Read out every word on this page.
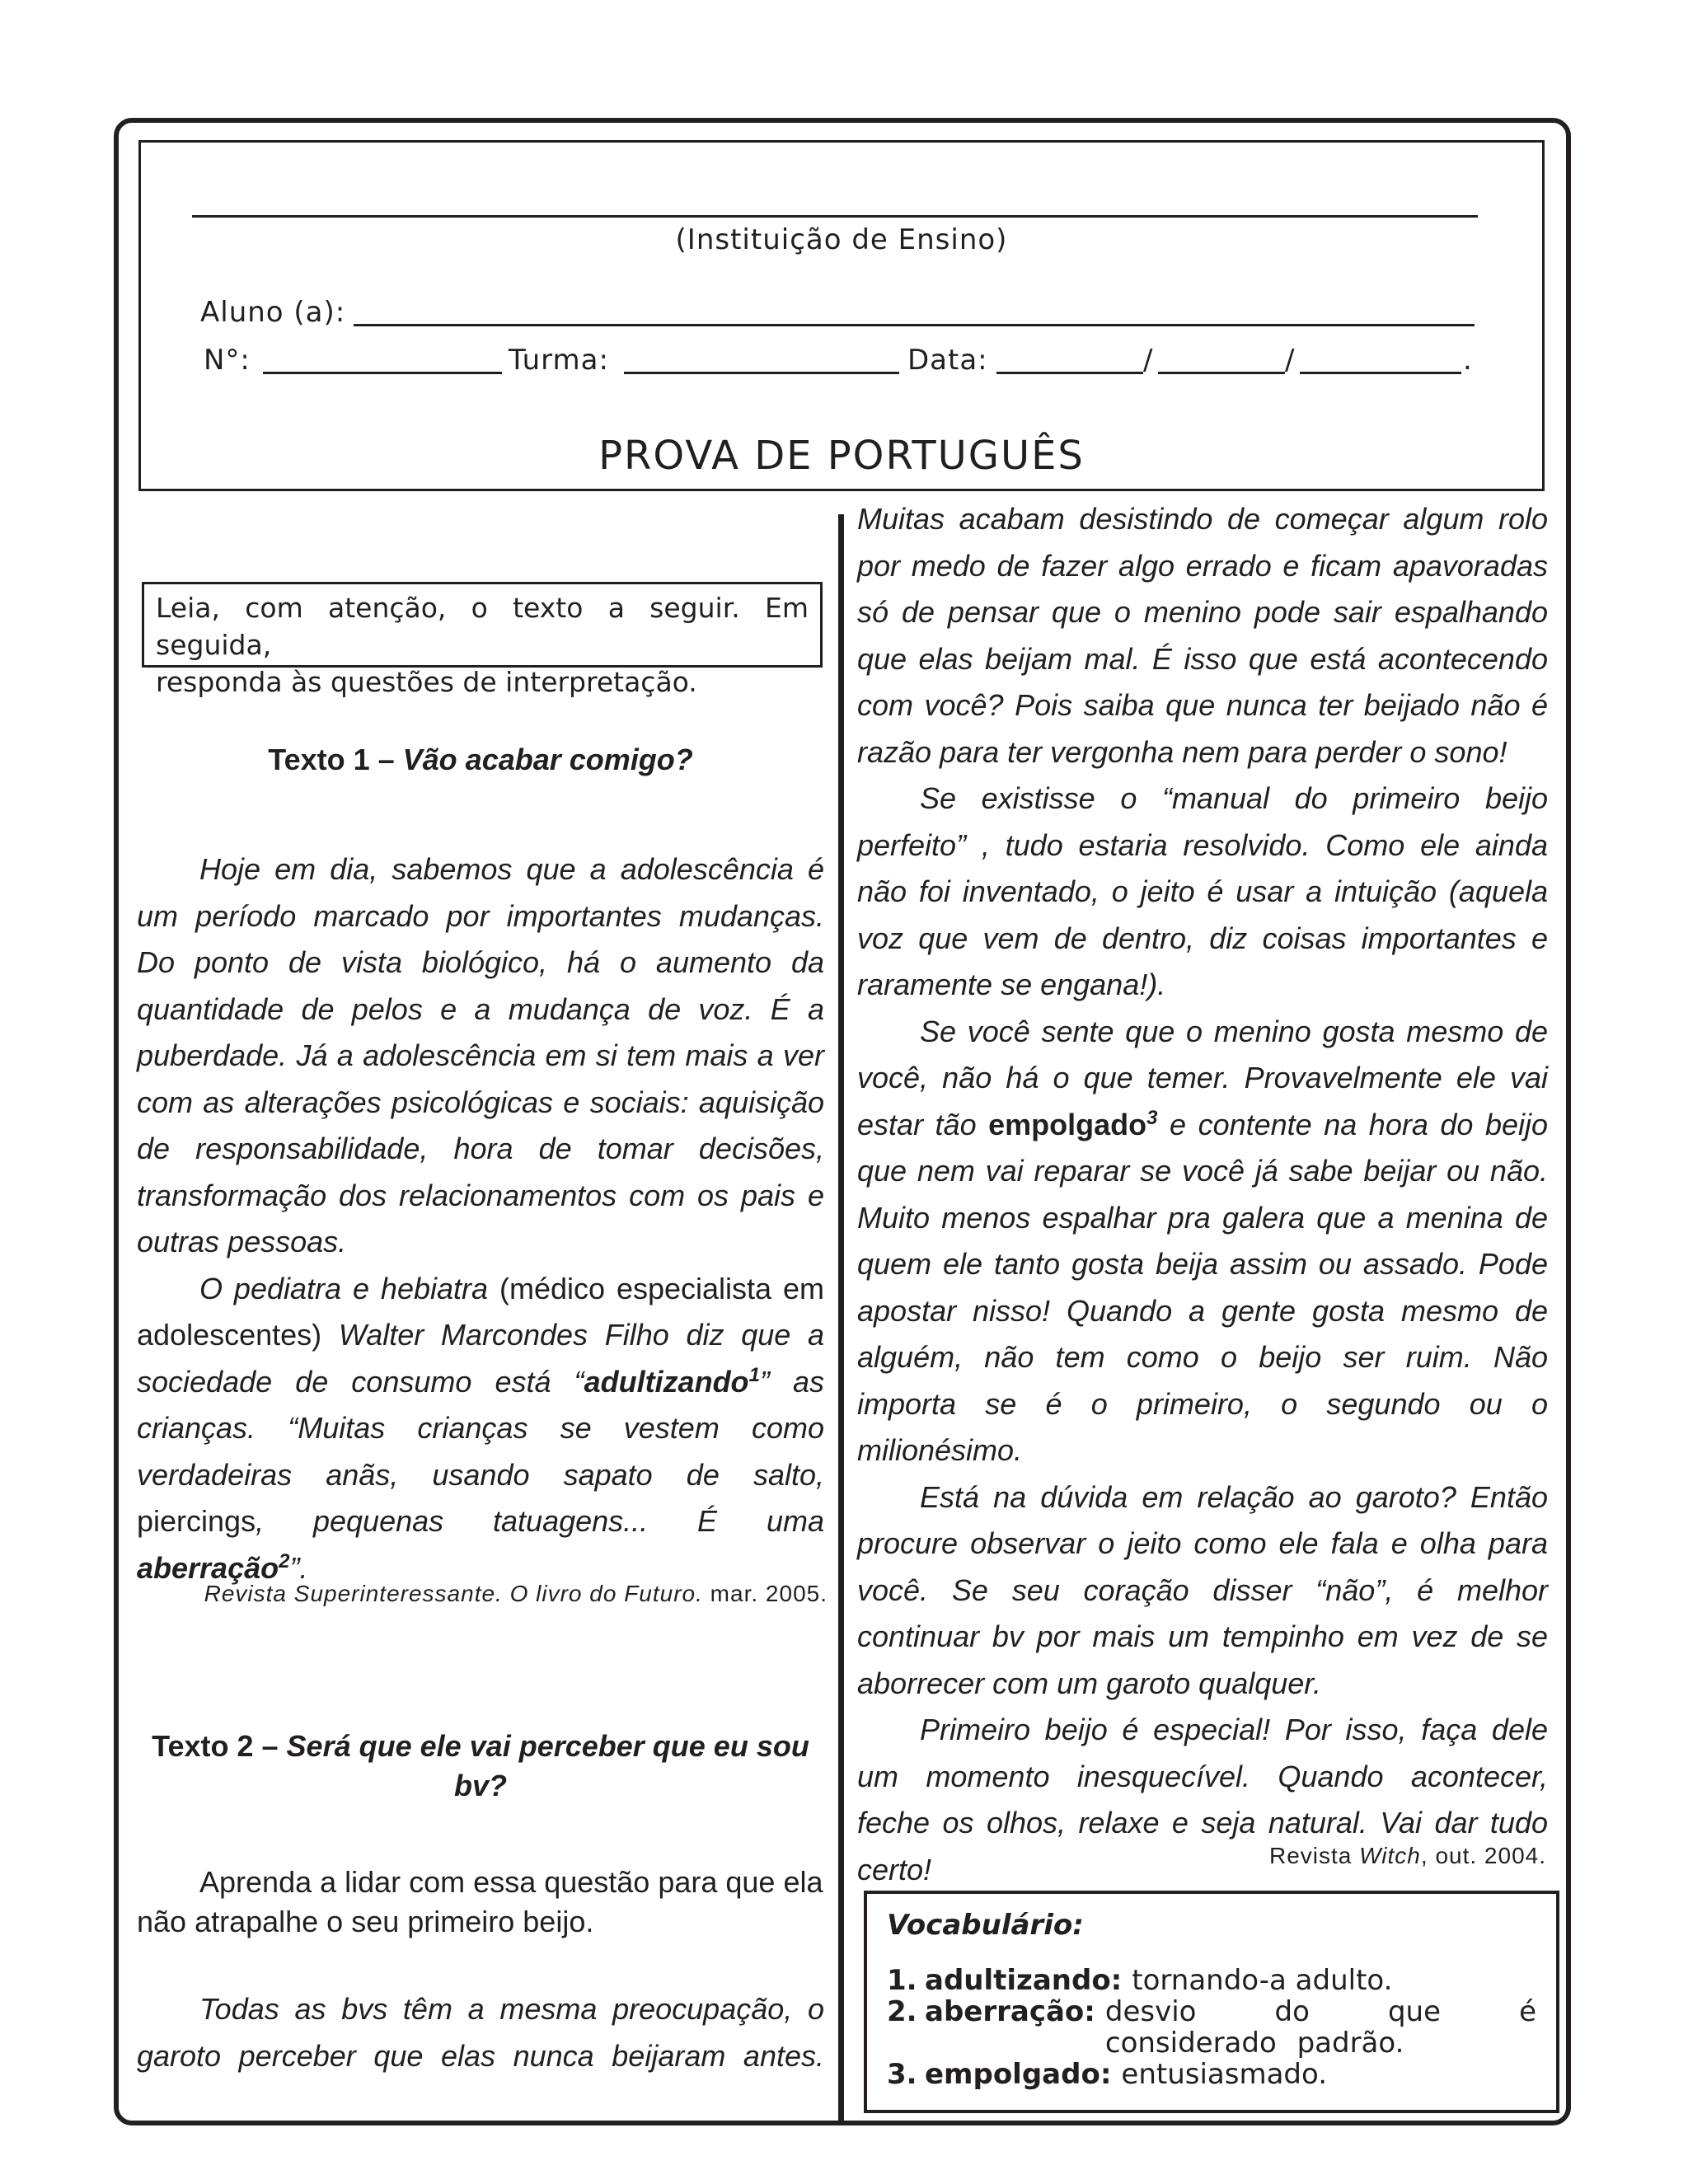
(Instituição de Ensino)
Aluno (a):
N°:	Turma:	Data:	/	/	.
PROVA DE PORTUGUÊS
Leia, com atenção, o texto a seguir. Em seguida,
responda às questões de interpretação.
Texto 1 – Vão acabar comigo?

Hoje em dia, sabemos que a adolescência é um período marcado por importantes mudanças. Do ponto de vista biológico, há o aumento da quantidade de pelos e a mudança de voz. É a puberdade. Já a adolescência em si tem mais a ver com as alterações psicológicas e sociais: aquisição de responsabilidade, hora de tomar decisões, transformação dos relacionamentos com os pais e outras pessoas.

O pediatra e hebiatra (médico especialista em adolescentes) Walter Marcondes Filho diz que a sociedade de consumo está “adultizando$^1$” as crianças. “Muitas crianças se vestem como verdadeiras anãs, usando sapato de salto, piercings, pequenas tatuagens... É uma aberração$^2$”.

Revista Superinteressante. O livro do Futuro. mar. 2005.
Texto 2 – Será que ele vai perceber que eu sou bv?

Aprenda a lidar com essa questão para que ela não atrapalhe o seu primeiro beijo.

Todas as bvs têm a mesma preocupação, o garoto perceber que elas nunca beijaram antes.

Muitas acabam desistindo de começar algum rolo por medo de fazer algo errado e ficam apavoradas só de pensar que o menino pode sair espalhando que elas beijam mal. É isso que está acontecendo com você? Pois saiba que nunca ter beijado não é razão para ter vergonha nem para perder o sono!

Se existisse o “manual do primeiro beijo perfeito” , tudo estaria resolvido. Como ele ainda não foi inventado, o jeito é usar a intuição (aquela voz que vem de dentro, diz coisas importantes e raramente se engana!).

Se você sente que o menino gosta mesmo de você, não há o que temer. Provavelmente ele vai estar tão empolgado$^3$ e contente na hora do beijo que nem vai reparar se você já sabe beijar ou não. Muito menos espalhar pra galera que a menina de quem ele tanto gosta beija assim ou assado. Pode apostar nisso! Quando a gente gosta mesmo de alguém, não tem como o beijo ser ruim. Não importa se é o primeiro, o segundo ou o milionésimo.

Está na dúvida em relação ao garoto? Então procure observar o jeito como ele fala e olha para você. Se seu coração disser “não”, é melhor continuar bv por mais um tempinho em vez de se aborrecer com um garoto qualquer.

Primeiro beijo é especial! Por isso, faça dele um momento inesquecível. Quando acontecer, feche os olhos, relaxe e seja natural. Vai dar tudo certo!	Revista Witch, out. 2004.
Vocabulário:
1. adultizando: tornando-a adulto.
2. aberração: desvio do que é considerado padrão.
3. empolgado: entusiasmado.
